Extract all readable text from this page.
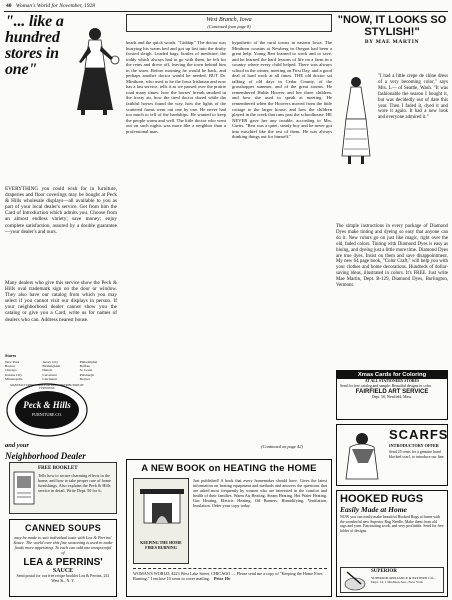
40 Woman's World for November, 1928
"... like a hundred stores in one"
EVERYTHING you could wish for in furniture, draperies and floor coverings may be bought at Peck & Hills wholesale displays—all available to you as part of your local dealer's service. Get from him the Card of Introduction which admits you. Choose from an almost endless variety; save money; enjoy complete satisfaction, assured by a double guarantee—your dealer's and ours.
Many dealers who give this service show the Peck & Hills oval trademark sign on the door or window. They also have our catalog from which you may select if you cannot visit our displays in person. If your neighborhood dealer cannot show you the catalog or give you a Card, write us for names of dealers who can. Address nearest house.
Stores
New York	Jersey City	Philadelphia
Boston	Birmingham	Buffalo
Chicago	Detroit	St. Louis
Kansas City	Cleveland	Pittsburgh
Minneapolis	Cincinnati	Denver
Peck & Hills
FURNITURE CO.
MANUFACTURERS WHOLESALERS & DISTRIBUTORS OF FURNITURE
and your
Neighborhood Dealer
FREE BOOKLET
Tells how to secure charming effects in the home, and how to take proper care of home furnishings. Also explains the Peck & Hills service in detail. Write Dept. 50 for it.
CANNED SOUPS
may be made to suit individual taste with Lea & Perrins' Sauce. The world over this fine seasoning is used to make foods more appetizing. To each can add one teaspoonful of
LEA & PERRINS'
SAUCE
Send postal for our free recipe booklet Lea & Perrins, 241 West St., N. Y.
West Branch, Iowa
(Continued from page 8)
heads and the quick words. "Giddap." The doctor was hurrying his warm bed and got up last into the drafty frosted sleigh. Loaded bags, bottles of medicine, the toddy which always had to go with them, he felt for the reins and drove off, leaving the town behind him in the snow. Before morning he would be back, and perhaps another doctor would be needed. BUT Dr. Minthorn, who used to be the Iowa Irishman and now has a last service, tells it as we passed over the prairie road many times: how the horses' breath smoked in the frosty air, how the tired doctor dozed while the faithful horses found the way, how the lights of the scattered farms went out one by one. He never had too much to tell of the hardships. He wanted to keep the people warm and well. The little doctor who went out on such nights was more like a neighbor than a professional man.
hypothetic of the rural towns in eastern Iowa. The Minthorn cousins at Newberg in Oregon had been a great help. Young Bert learned to work and to save, and he learned the hard lessons of life on a farm in a country where every child helped. There was always school in the winter, meeting on First Day, and a good deal of hard work at all times. THE old doctor sat talking of old days in Cedar County, of the grasshopper summer, and of the great storms. He remembered Hulda Hoover and her three children, and how she used to speak at meeting. He remembered when the Hoovers moved from the little cottage to the larger house, and how the children played in the creek that runs past the schoolhouse. HE NEVER gave her any trouble, according to Mrs. Curtis. "Bert was a quiet, steady boy and he never got into mischief like the rest of them. He was always thinking things out for himself."
(Continued on page 42)
A NEW BOOK on HEATING the HOME
KEEPING THE HOME FIRES BURNING
Just published! A book that every homemaker should have. Gives the latest information on heating equipment and methods and answers the questions that are asked most frequently by women who are interested in the comfort and health of their families. Warm Air Heating, Steam Heating, Hot Water Heating, Gas Heating, Electric Heating, Oil Burners, Humidifying, Ventilation, Insulation. Order your copy today.
WOMAN'S WORLD, 4223 West Lake Street, CHICAGO — Please send me a copy of "Keeping the Home Fires Burning." I enclose 10 cents to cover mailing. Price 10c
"NOW, IT LOOKS SO STYLISH!"
BY MAE MARTIN
"I had a little crepe de chine dress of a very becoming color," says Mrs. L— of Seattle, Wash. "It was fashionable the season I bought it, but was decidedly out of date this year. Then I faded it, dyed it and wore it again. It had a new look and everyone admired it."
The simple instructions in every package of Diamond Dyes make tinting and dyeing so easy that anyone can do it. New colors go on just like magic, right over the old, faded colors. Tinting with Diamond Dyes is easy as bluing, and dyeing just a little more time. Diamond Dyes are true dyes. Insist on them and save disappointment. My new 64 page book, "Color Craft," will help you with your clothes and home decorations. Hundreds of dollar-saving ideas, illustrated in colors. It's FREE. Just write Mae Martin, Dept. B-129, Diamond Dyes, Burlington, Vermont.
Xmas Cards for Coloring
AT ALL STATIONERY STORES
Send for free catalog and sample. Beautiful designs to color.
FAIRFIELD ART SERVICE
Dept. 50, Westfield, Mass.
SCARFS
INTRODUCTORY OFFER
Send 25 cents for a genuine hand blocked scarf, to introduce our line.
HOOKED RUGS
Easily Made at Home
NOW you can easily make beautiful Hooked Rugs at home with the wonderful new Superior Rug Needle. Make them from old rags and yarn. Fascinating work, and very profitable. Send for free folder of designs.
SUPERIOR
SUPERIOR APPLIANCE & PATTERN CO., Dept. 14, 1 Madison Ave., New York
